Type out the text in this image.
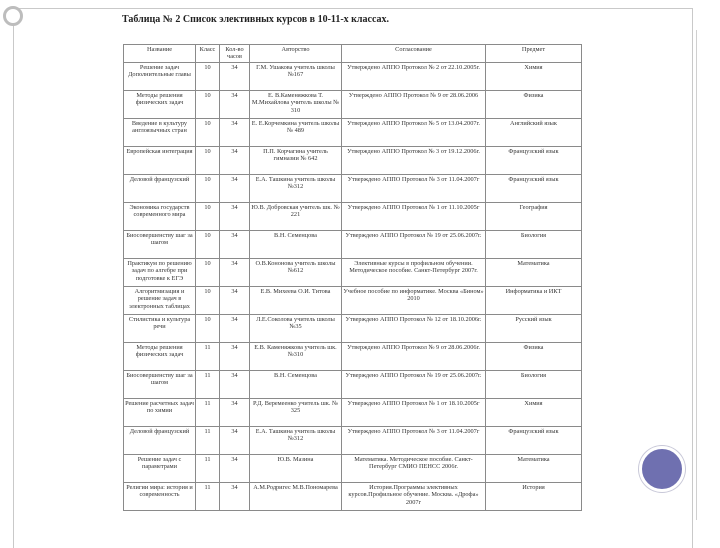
Таблица № 2 Список элективных курсов в 10-11-х классах.
Название	Класс	Кол-во часов	Авторство	Согласование	Предмет
Решение задач Дополнительные главы	10	34	Г.М. Ушакова учитель школы №167	Утверждено АППО Протокол № 2 от 22.10.2005г.	Химия
Методы решения физических задач	10	34	Е. В.Каменяжкова Т. М.Михайлова учитель школы № 310	Утверждено АППО Протокол № 9 от 28.06.2006	Физика
Введение в культуру англоязычных стран	10	34	Е. Е.Корчемкина учитель школы № 489	Утверждено АППО Протокол № 5 от 13.04.2007г.	Английский язык
Европейская интеграция	10	34	П.П. Корчагина учитель гимназии № 642	Утверждено АППО Протокол № 3 от 19.12.2006г.	Французский язык
Деловой французский	10	34	Е.А. Ташкина учитель школы №312	Утверждено АППО Протокол № 3 от 11.04.2007г	Французский язык
Экономика государств современного мира	10	34	Ю.В. Добровская учитель шк. № 221	Утверждено АППО Протокол № 1 от 11.10.2005г	География
Биосовершенству шаг за шагом	10	34	В.Н. Семенцова	Утверждено АППО Протокол № 19 от 25.06.2007г.	Биология
Практикум по решению задач по алгебре при подготовке к ЕГЭ	10	34	О.В.Кононова учитель школы №612	Элективные курсы в профильном обучении. Методическое пособие. Санкт-Петербург 2007г.	Математика
Алгоритмизация и решение задач в электронных таблицах	10	34	Е.В. Михеева О.И. Титова	Учебное пособие по информатике. Москва «Бином» 2010	Информатика и ИКТ
Стилистика и культура речи	10	34	Л.Е.Соколова учитель школы №35	Утверждено АППО Протокол № 12 от 18.10.2006г.	Русский язык
Методы решения физических задач	11	34	Е.В. Каменяжкова учитель шк.№310	Утверждено АППО Протокол № 9 от 28.06.2006г.	Физика
Биосовершенству шаг за шагом	11	34	В.Н. Семенцова	Утверждено АППО Протокол № 19 от 25.06.2007г.	Биология
Решение расчетных задач по химии	11	34	Р.Д. Веремеенко учитель шк. № 325	Утверждено АППО Протокол № 1 от 18.10.2005г	Химия
Деловой французский	11	34	Е.А. Ташкина учитель школы №312	Утверждено АППО Протокол № 3 от 11.04.2007г	Французский язык
Решение задач с параметрами	11	34	Ю.В. Мазина	Математика. Методическое пособие. Санкт-Петербург СМИО ПЕНСС 2006г.	Математика
Религии мира: история и современность	11	34	А.М.Родригес М.В.Пономарева	История.Программы элективных курсов.Профильное обучение. Москва. «Дрофа» 2007г	История
